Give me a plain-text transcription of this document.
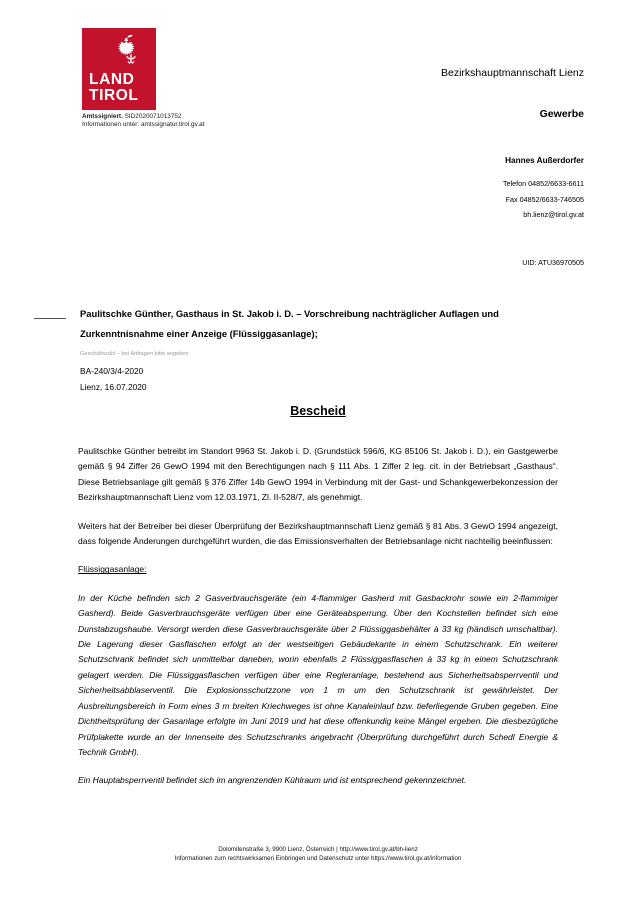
LAND
TIROL
Amtssigniert. SID2020071013752
Informationen unter: amtssignatur.tirol.gv.at
Bezirkshauptmannschaft Lienz
Gewerbe
Hannes Außerdorfer
Telefon 04852/6633-6611
Fax 04852/6633-746505
bh.lienz@tirol.gv.at
UID: ATU36970505
Paulitschke Günther, Gasthaus in St. Jakob i. D. – Vorschreibung nachträglicher Auflagen und Zurkenntnisnahme einer Anzeige (Flüssiggasanlage);
Geschäftszahl – bei Anfragen bitte angeben
BA-240/3/4-2020
Lienz, 16.07.2020
Bescheid

Paulitschke Günther betreibt im Standort 9963 St. Jakob i. D. (Grundstück 596/6, KG 85106 St. Jakob i. D.), ein Gastgewerbe gemäß § 94 Ziffer 26 GewO 1994 mit den Berechtigungen nach § 111 Abs. 1 Ziffer 2 leg. cit. in der Betriebsart „Gasthaus“. Diese Betriebsanlage gilt gemäß § 376 Ziffer 14b GewO 1994 in Verbindung mit der Gast- und Schankgewerbekonzession der Bezirkshauptmannschaft Lienz vom 12.03.1971, Zl. II-528/7, als genehmigt.

Weiters hat der Betreiber bei dieser Überprüfung der Bezirkshauptmannschaft Lienz gemäß § 81 Abs. 3 GewO 1994 angezeigt, dass folgende Änderungen durchgeführt wurden, die das Emissionsverhalten der Betriebsanlage nicht nachteilig beeinflussen:

Flüssiggasanlage:

In der Küche befinden sich 2 Gasverbrauchsgeräte (ein 4-flammiger Gasherd mit Gasbackrohr sowie ein 2-flammiger Gasherd). Beide Gasverbrauchsgeräte verfügen über eine Geräteabsperrung. Über den Kochstellen befindet sich eine Dunstabzugshaube. Versorgt werden diese Gasverbrauchsgeräte über 2 Flüssiggasbehälter à 33 kg (händisch umschaltbar). Die Lagerung dieser Gasflaschen erfolgt an der westseitigen Gebäudekante in einem Schutzschrank. Ein weiterer Schutzschrank befindet sich unmittelbar daneben, worin ebenfalls 2 Flüssiggasflaschen à 33 kg in einem Schutzschrank gelagert werden. Die Flüssiggasflaschen verfügen über eine Regleranlage, bestehend aus Sicherheitsabsperrventil und Sicherheitsabblaserventil. Die Explosionsschutzzone von 1 m um den Schutzschrank ist gewährleistet. Der Ausbreitungsbereich in Form eines 3 m breiten Kriechweges ist ohne Kanaleinlauf bzw. tieferliegende Gruben gegeben. Eine Dichtheitsprüfung der Gasanlage erfolgte im Juni 2019 und hat diese offenkundig keine Mängel ergeben. Die diesbezügliche Prüfplakette wurde an der Innenseite des Schutzschranks angebracht (Überprüfung durchgeführt durch Schedl Energie & Technik GmbH).

Ein Hauptabsperrventil befindet sich im angrenzenden Kühlraum und ist entsprechend gekennzeichnet.

Dolomitenstraße 3, 9900 Lienz, Österreich | http://www.tirol.gv.at/bh-lienz
Informationen zum rechtswirksamen Einbringen und Datenschutz unter https://www.tirol.gv.at/information
